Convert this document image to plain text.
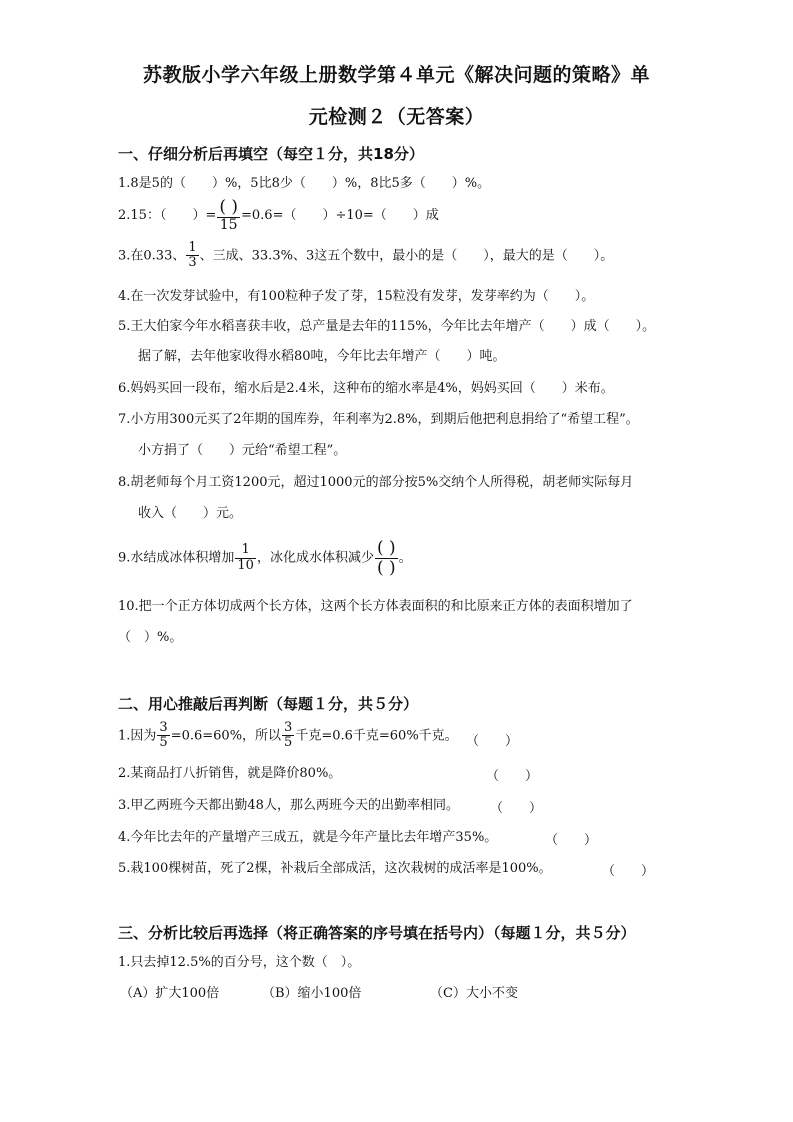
苏教版小学六年级上册数学第４单元《解决问题的策略》单
元检测２（无答案）
一、仔细分析后再填空（每空１分，共18分）
1.8是5的（　　）%，5比8少（　　）%，8比5多（　　）%。
2.15：（　　）= $\frac{( )}{15} =0.6=$（　　）÷10=（　　）成
3.在0.33、 $\frac{1}{3}$ 、三成、33.3%、3这五个数中，最小的是（　　），最大的是（　　）。
4.在一次发芽试验中，有100粒种子发了芽，15粒没有发芽，发芽率约为（　　）。
5.王大伯家今年水稻喜获丰收，总产量是去年的115%，今年比去年增产（　　）成（　　）。
据了解，去年他家收得水稻80吨，今年比去年增产（　　）吨。
6.妈妈买回一段布，缩水后是2.4米，这种布的缩水率是4%，妈妈买回（　　）米布。
7.小方用300元买了2年期的国库券，年利率为2.8%，到期后他把利息捐给了“希望工程”。
小方捐了（　　）元给“希望工程”。
8.胡老师每个月工资1200元，超过1000元的部分按5%交纳个人所得税，胡老师实际每月
收入（　　）元。
9.水结成冰体积增加 $\frac{1}{10}$ ，冰化成水体积减少 $\frac{( )}{( )}$ 。
10.把一个正方体切成两个长方体，这两个长方体表面积的和比原来正方体的表面积增加了
（　）%。
二、用心推敲后再判断（每题１分，共５分）
1.因为 $\frac{3}{5} =0.6=60\%$，所以 $\frac{3}{5}$ 千克=0.6千克=60%千克。 （　　）
2.某商品打八折销售，就是降价80%。	（　　）
3.甲乙两班今天都出勤48人，那么两班今天的出勤率相同。 （　　）
4.今年比去年的产量增产三成五，就是今年产量比去年增产35%。	（　　）
5.栽100棵树苗，死了2棵，补栽后全部成活，这次栽树的成活率是100%。	（　　）
三、分析比较后再选择（将正确答案的序号填在括号内）（每题１分，共５分）
1.只去掉12.5%的百分号，这个数（　）。
（A）扩大100倍	（B）缩小100倍	（C）大小不变
